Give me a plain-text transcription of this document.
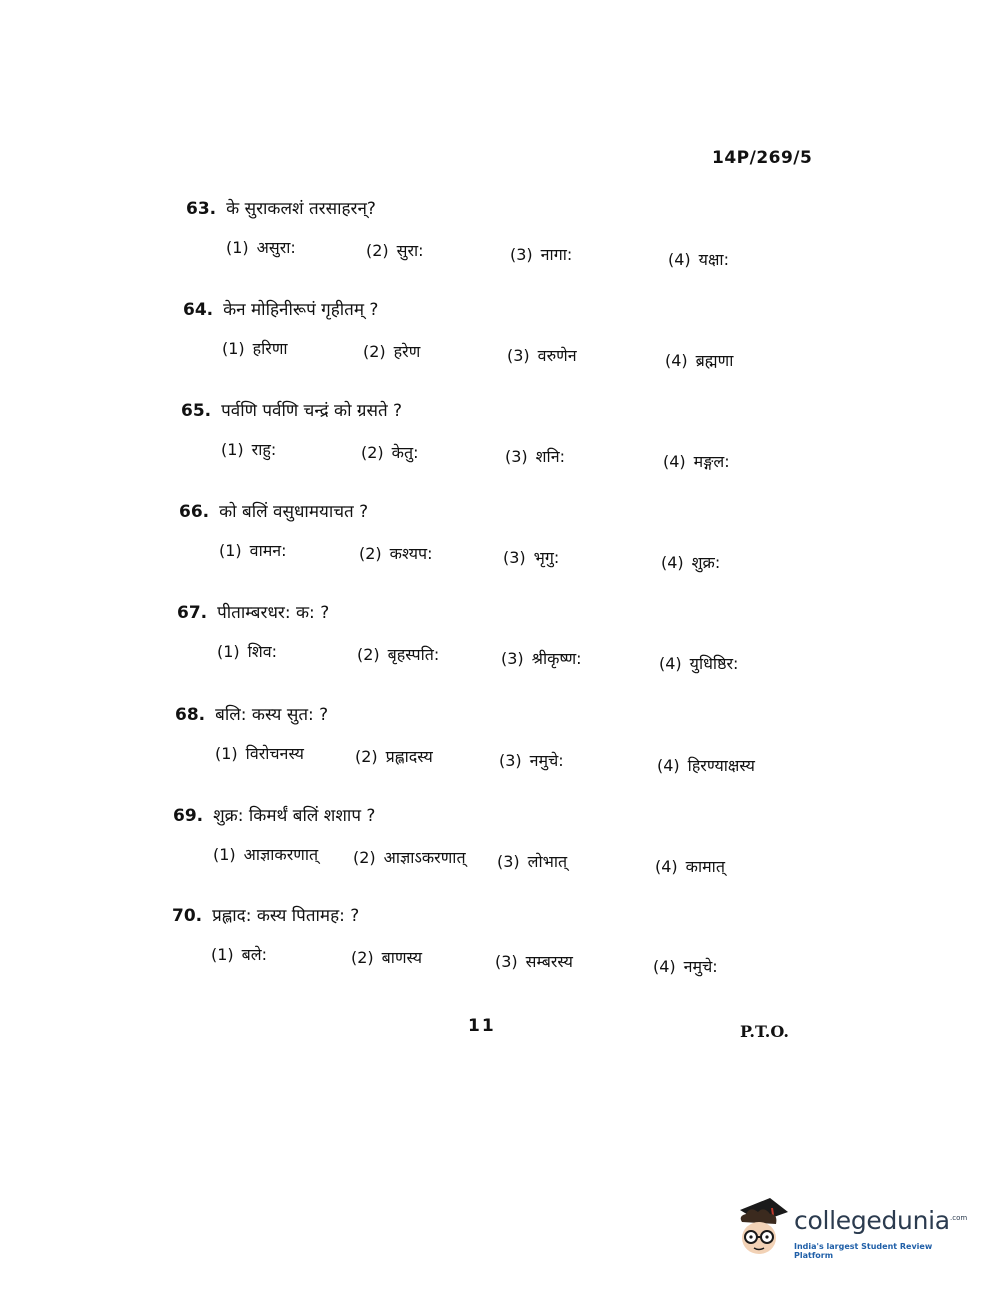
14P/269/5
63. के सुराकलशं तरसाहरन्?
(1) असुरा:	(2) सुरा:	(3) नागा:	(4) यक्षा:
64. केन मोहिनीरूपं गृहीतम् ?
(1) हरिणा	(2) हरेण	(3) वरुणेन	(4) ब्रह्मणा
65. पर्वणि पर्वणि चन्द्रं को ग्रसते ?
(1) राहु:	(2) केतु:	(3) शनि:	(4) मङ्गल:
66. को बलिं वसुधामयाचत ?
(1) वामन:	(2) कश्यप:	(3) भृगु:	(4) शुक्र:
67. पीताम्बरधर: क: ?
(1) शिव:	(2) बृहस्पति:	(3) श्रीकृष्ण:	(4) युधिष्ठिर:
68. बलि: कस्य सुत: ?
(1) विरोचनस्य	(2) प्रह्लादस्य	(3) नमुचे:	(4) हिरण्याक्षस्य
69. शुक्र: किमर्थं बलिं शशाप ?
(1) आज्ञाकरणात् (2) आज्ञाऽकरणात् (3) लोभात्	(4) कामात्
70. प्रह्लाद: कस्य पितामह: ?
(1) बले:	(2) बाणस्य	(3) सम्बरस्य	(4) नमुचे:
11	P.T.O.
collegedunia .com
India's largest Student Review Platform
